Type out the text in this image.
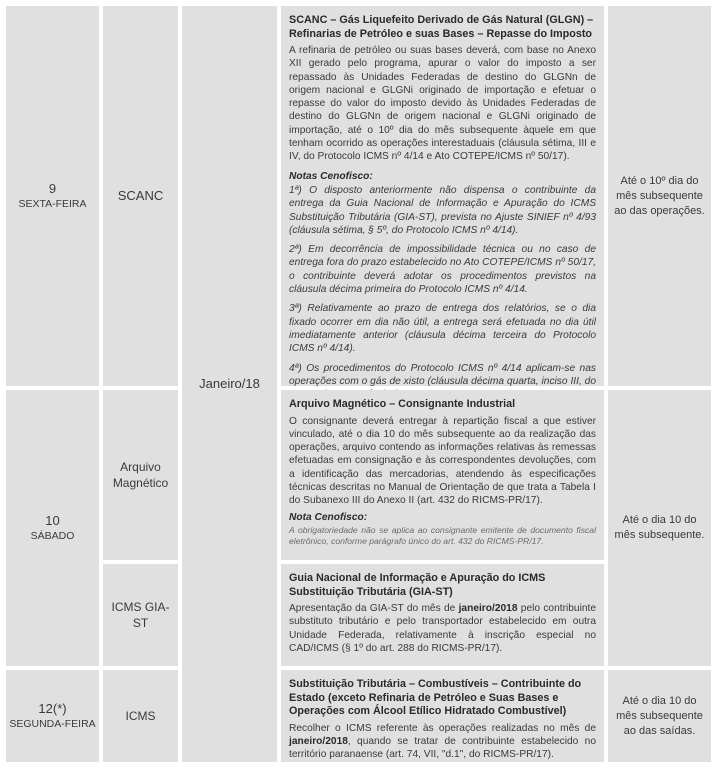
9
SEXTA-FEIRA
SCANC
SCANC – Gás Liquefeito Derivado de Gás Natural (GLGN) – Refinarias de Petróleo e suas Bases – Repasse do Imposto

A refinaria de petróleo ou suas bases deverá, com base no Anexo XII gerado pelo programa, apurar o valor do imposto a ser repassado às Unidades Federadas de destino do GLGNn de origem nacional e GLGNi originado de importação e efetuar o repasse do valor do imposto devido às Unidades Federadas de destino do GLGNn de origem nacional e GLGNi originado de importação, até o 10º dia do mês subsequente àquele em que tenham ocorrido as operações interestaduais (cláusula sétima, III e IV, do Protocolo ICMS nº 4/14 e Ato COTEPE/ICMS nº 50/17).

Notas Cenofisco:

1ª) O disposto anteriormente não dispensa o contribuinte da entrega da Guia Nacional de Informação e Apuração do ICMS Substituição Tributária (GIA-ST), prevista no Ajuste SINIEF nº 4/93 (cláusula sétima, § 5º, do Protocolo ICMS nº 4/14).

2ª) Em decorrência de impossibilidade técnica ou no caso de entrega fora do prazo estabelecido no Ato COTEPE/ICMS nº 50/17, o contribuinte deverá adotar os procedimentos previstos na cláusula décima primeira do Protocolo ICMS nº 4/14.

3ª) Relativamente ao prazo de entrega dos relatórios, se o dia fixado ocorrer em dia não útil, a entrega será efetuada no dia útil imediatamente anterior (cláusula décima terceira do Protocolo ICMS nº 4/14).

4ª) Os procedimentos do Protocolo ICMS nº 4/14 aplicam-se nas operações com o gás de xisto (cláusula décima quarta, inciso III, do

Até o 10º dia do mês subsequente ao das operações.
Janeiro/18
10
SÁBADO
Arquivo Magnético
Arquivo Magnético – Consignante Industrial

O consignante deverá entregar à repartição fiscal a que estiver vinculado, até o dia 10 do mês subsequente ao da realização das operações, arquivo contendo as informações relativas às remessas efetuadas em consignação e às correspondentes devoluções, com a identificação das mercadorias, atendendo às especificações técnicas descritas no Manual de Orientação de que trata a Tabela I do Subanexo III do Anexo II (art. 432 do RICMS-PR/17).

Nota Cenofisco:

A obrigatoriedade não se aplica ao consignante emitente de documento fiscal eletrônico, conforme parágrafo único do art. 432 do RICMS-PR/17.

ICMS GIA-ST
Guia Nacional de Informação e Apuração do ICMS Substituição Tributária (GIA-ST)

Apresentação da GIA-ST do mês de janeiro/2018 pelo contribuinte substituto tributário e pelo transportador estabelecido em outra Unidade Federada, relativamente à inscrição especial no CAD/ICMS (§ 1º do art. 288 do RICMS-PR/17).

Até o dia 10 do mês subsequente.
12(*)
SEGUNDA-FEIRA
ICMS
Substituição Tributária – Combustíveis – Contribuinte do Estado (exceto Refinaria de Petróleo e Suas Bases e Operações com Álcool Etílico Hidratado Combustível)

Recolher o ICMS referente às operações realizadas no mês de janeiro/2018, quando se tratar de contribuinte estabelecido no território paranaense (art. 74, VII, "d.1", do RICMS-PR/17).

Até o dia 10 do mês subsequente ao das saídas.
